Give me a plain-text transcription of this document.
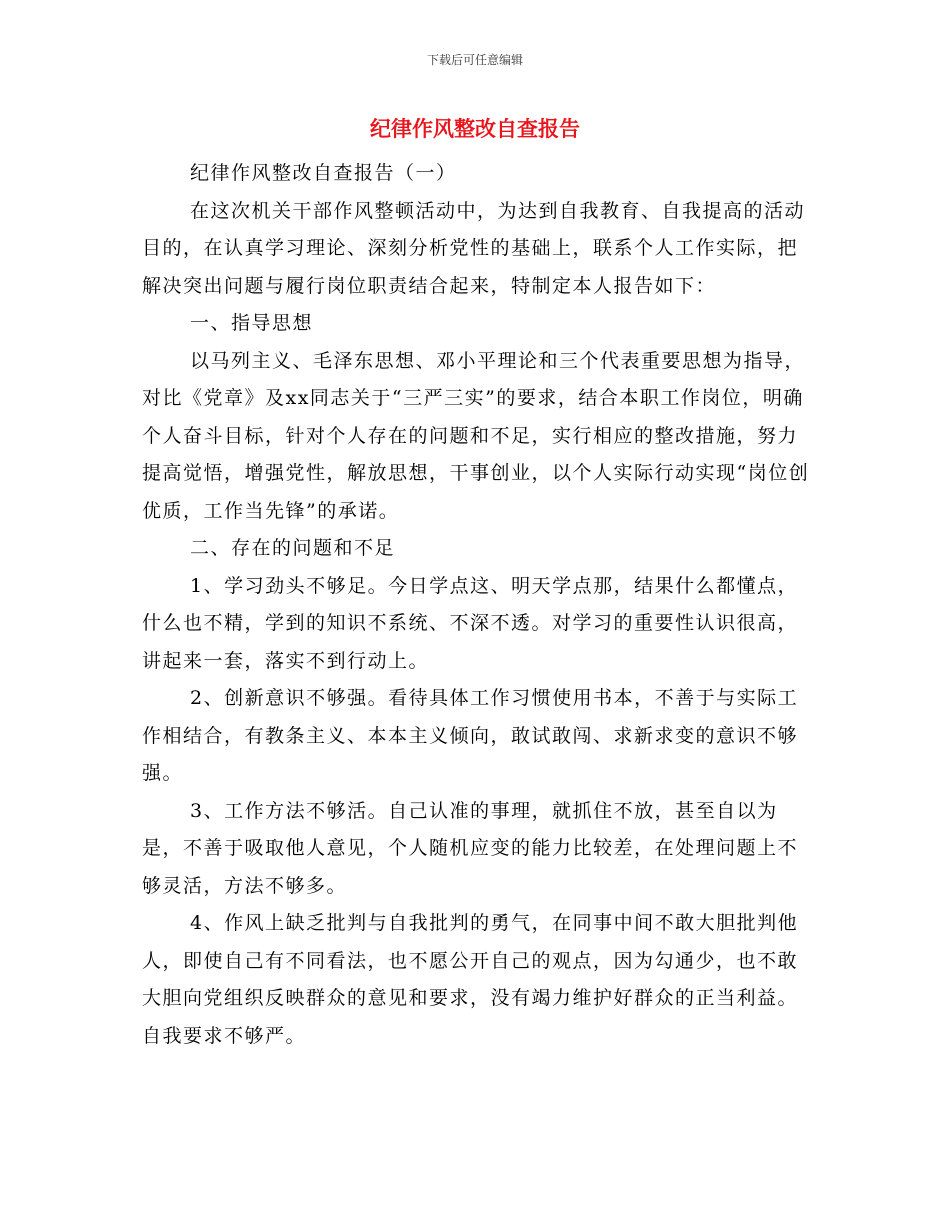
下载后可任意编辑
纪律作风整改自查报告

纪律作风整改自查报告（一）

在这次机关干部作风整顿活动中，为达到自我教育、自我提高的活动目的，在认真学习理论、深刻分析党性的基础上，联系个人工作实际，把解决突出问题与履行岗位职责结合起来，特制定本人报告如下：

一、指导思想

以马列主义、毛泽东思想、邓小平理论和三个代表重要思想为指导，对比《党章》及xx同志关于“三严三实”的要求，结合本职工作岗位，明确个人奋斗目标，针对个人存在的问题和不足，实行相应的整改措施，努力提高觉悟，增强党性，解放思想，干事创业，以个人实际行动实现“岗位创优质，工作当先锋”的承诺。

二、存在的问题和不足

1、学习劲头不够足。今日学点这、明天学点那，结果什么都懂点，什么也不精，学到的知识不系统、不深不透。对学习的重要性认识很高，讲起来一套，落实不到行动上。

2、创新意识不够强。看待具体工作习惯使用书本，不善于与实际工作相结合，有教条主义、本本主义倾向，敢试敢闯、求新求变的意识不够强。

3、工作方法不够活。自己认准的事理，就抓住不放，甚至自以为是，不善于吸取他人意见，个人随机应变的能力比较差，在处理问题上不够灵活，方法不够多。

4、作风上缺乏批判与自我批判的勇气，在同事中间不敢大胆批判他人，即使自己有不同看法，也不愿公开自己的观点，因为勾通少，也不敢大胆向党组织反映群众的意见和要求，没有竭力维护好群众的正当利益。自我要求不够严。
